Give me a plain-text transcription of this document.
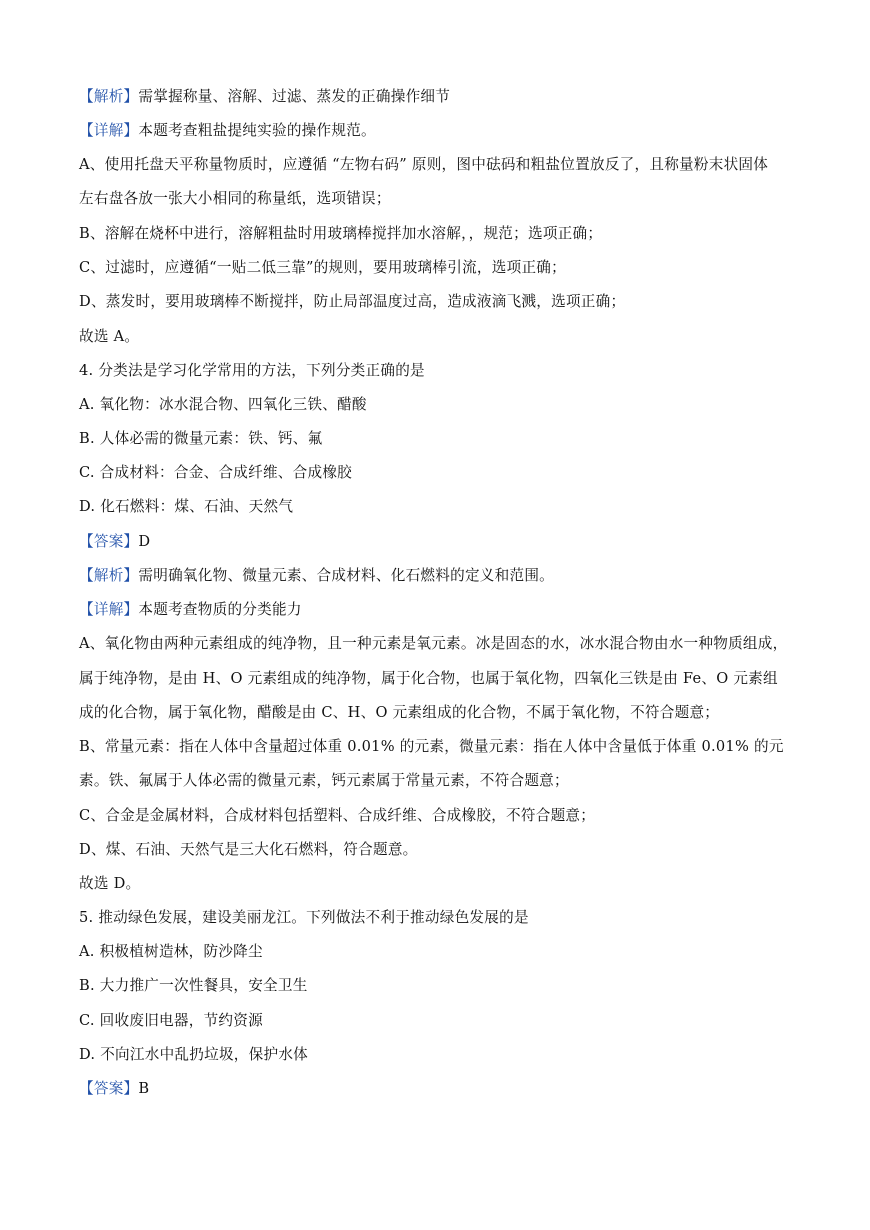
【解析】需掌握称量、溶解、过滤、蒸发的正确操作细节
【详解】本题考查粗盐提纯实验的操作规范。
A、使用托盘天平称量物质时，应遵循 “左物右码” 原则，图中砝码和粗盐位置放反了，且称量粉末状固体
左右盘各放一张大小相同的称量纸，选项错误；
B、溶解在烧杯中进行，溶解粗盐时用玻璃棒搅拌加水溶解，，规范；选项正确；
C、过滤时，应遵循“一贴二低三靠”的规则，要用玻璃棒引流，选项正确；
D、蒸发时，要用玻璃棒不断搅拌，防止局部温度过高，造成液滴飞溅，选项正确；
故选 A。
4. 分类法是学习化学常用的方法，下列分类正确的是
A. 氧化物：冰水混合物、四氧化三铁、醋酸
B. 人体必需的微量元素：铁、钙、氟
C. 合成材料：合金、合成纤维、合成橡胶
D. 化石燃料：煤、石油、天然气
【答案】D
【解析】需明确氧化物、微量元素、合成材料、化石燃料的定义和范围。
【详解】本题考查物质的分类能力
A、氧化物由两种元素组成的纯净物，且一种元素是氧元素。冰是固态的水，冰水混合物由水一种物质组成，
属于纯净物，是由 H、O 元素组成的纯净物，属于化合物，也属于氧化物，四氧化三铁是由 Fe、O 元素组
成的化合物，属于氧化物，醋酸是由 C、H、O 元素组成的化合物，不属于氧化物，不符合题意；
B、常量元素：指在人体中含量超过体重 0.01% 的元素，微量元素：指在人体中含量低于体重 0.01% 的元
素。铁、氟属于人体必需的微量元素，钙元素属于常量元素，不符合题意；
C、合金是金属材料，合成材料包括塑料、合成纤维、合成橡胶，不符合题意；
D、煤、石油、天然气是三大化石燃料，符合题意。
故选 D。
5. 推动绿色发展，建设美丽龙江。下列做法不利于推动绿色发展的是
A. 积极植树造林，防沙降尘
B. 大力推广一次性餐具，安全卫生
C. 回收废旧电器，节约资源
D. 不向江水中乱扔垃圾，保护水体
【答案】B
